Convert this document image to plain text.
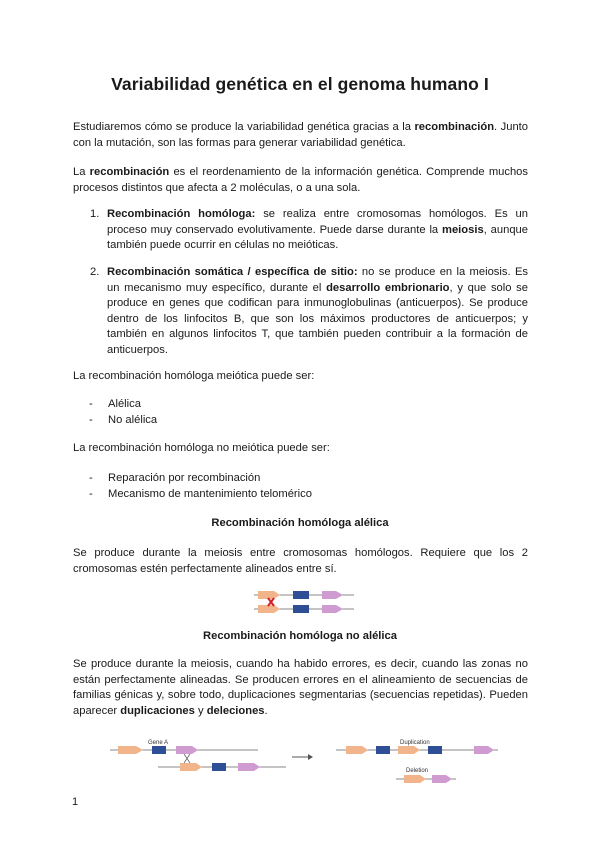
Variabilidad genética en el genoma humano I

Estudiaremos cómo se produce la variabilidad genética gracias a la recombinación. Junto con la mutación, son las formas para generar variabilidad genética.

La recombinación es el reordenamiento de la información genética. Comprende muchos procesos distintos que afecta a 2 moléculas, o a una sola.

1. Recombinación homóloga: se realiza entre cromosomas homólogos. Es un proceso muy conservado evolutivamente. Puede darse durante la meiosis, aunque también puede ocurrir en células no meióticas.

2. Recombinación somática / específica de sitio: no se produce en la meiosis. Es un mecanismo muy específico, durante el desarrollo embrionario, y que solo se produce en genes que codifican para inmunoglobulinas (anticuerpos). Se produce dentro de los linfocitos B, que son los máximos productores de anticuerpos; y también en algunos linfocitos T, que también pueden contribuir a la formación de anticuerpos.

La recombinación homóloga meiótica puede ser:

- Alélica
- No alélica

La recombinación homóloga no meiótica puede ser:

- Reparación por recombinación
- Mecanismo de mantenimiento telomérico
Recombinación homóloga alélica

Se produce durante la meiosis entre cromosomas homólogos. Requiere que los 2 cromosomas estén perfectamente alineados entre sí.

Recombinación homóloga no alélica

Se produce durante la meiosis, cuando ha habido errores, es decir, cuando las zonas no están perfectamente alineadas. Se producen errores en el alineamiento de secuencias de familias génicas y, sobre todo, duplicaciones segmentarias (secuencias repetidas). Pueden aparecer duplicaciones y deleciones.

Gene A	Duplication
Deletion
1
